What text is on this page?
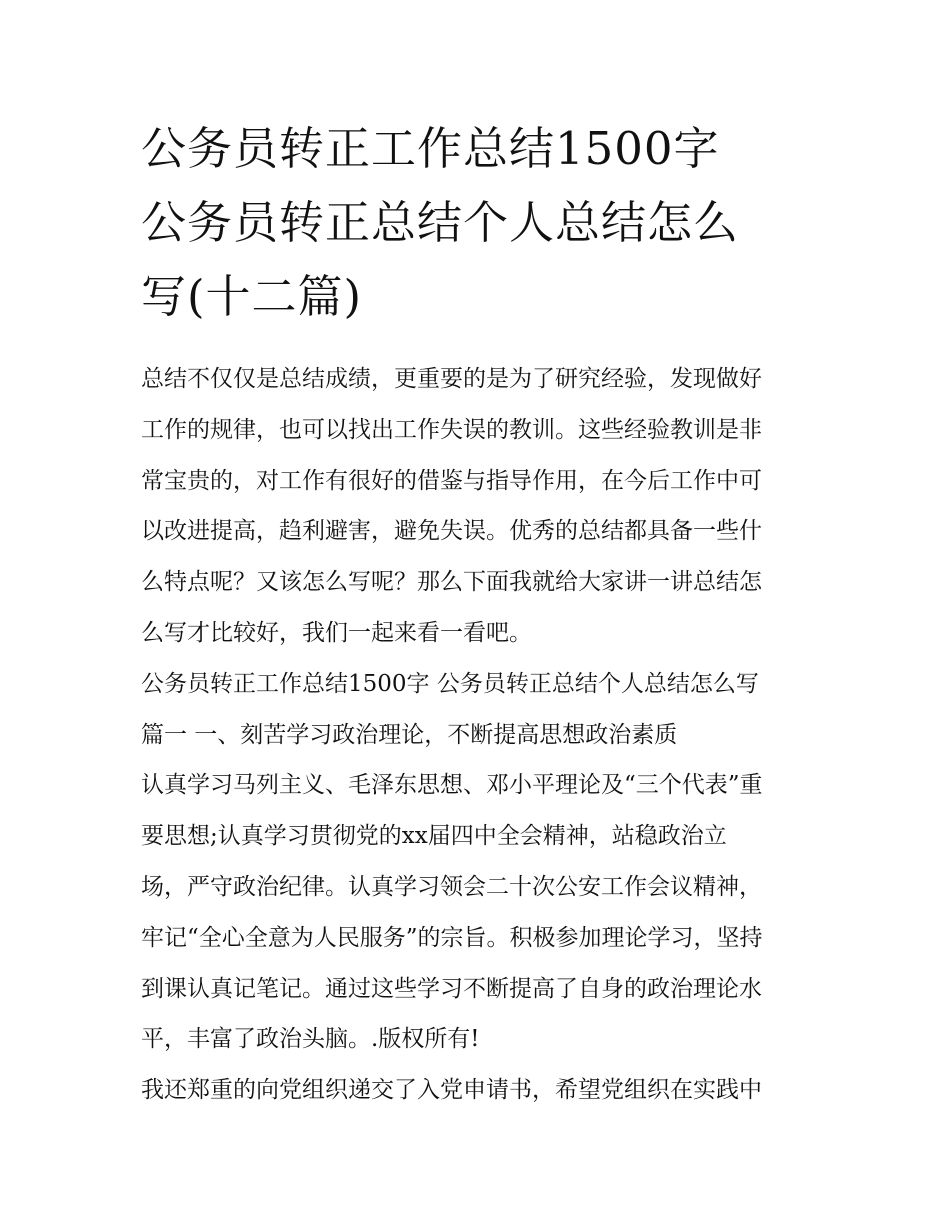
公务员转正工作总结1500字
公务员转正总结个人总结怎么
写(十二篇)
总结不仅仅是总结成绩，更重要的是为了研究经验，发现做好
工作的规律，也可以找出工作失误的教训。这些经验教训是非
常宝贵的，对工作有很好的借鉴与指导作用，在今后工作中可
以改进提高，趋利避害，避免失误。优秀的总结都具备一些什
么特点呢？又该怎么写呢？那么下面我就给大家讲一讲总结怎
么写才比较好，我们一起来看一看吧。
公务员转正工作总结1500字 公务员转正总结个人总结怎么写
篇一 一、刻苦学习政治理论，不断提高思想政治素质
认真学习马列主义、毛泽东思想、邓小平理论及“三个代表”重
要思想;认真学习贯彻党的xx届四中全会精神，站稳政治立
场，严守政治纪律。认真学习领会二十次公安工作会议精神，
牢记“全心全意为人民服务”的宗旨。积极参加理论学习，坚持
到课认真记笔记。通过这些学习不断提高了自身的政治理论水
平，丰富了政治头脑。.版权所有!
我还郑重的向党组织递交了入党申请书，希望党组织在实践中
